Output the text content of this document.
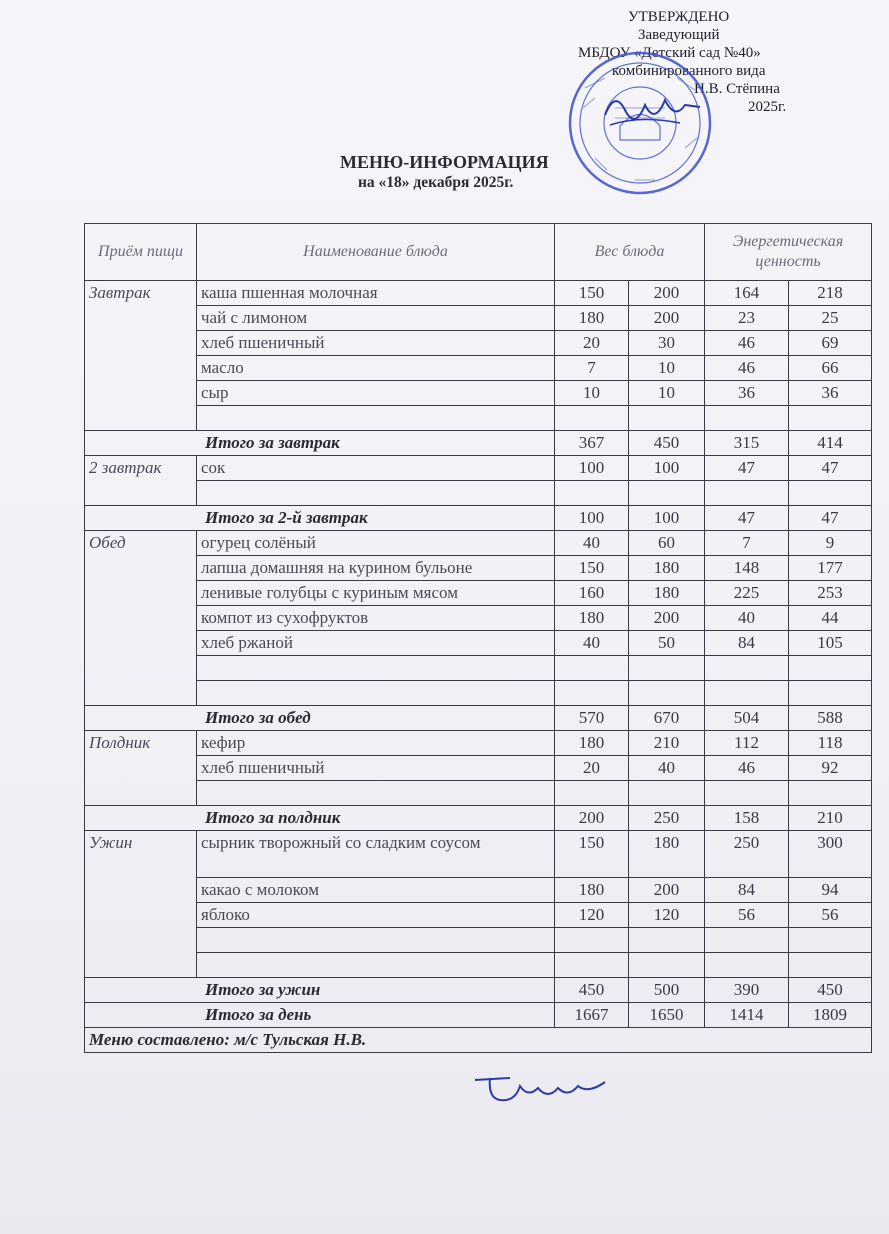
УТВЕРЖДЕНО
Заведующий
МБДОУ «Детский сад №40»
комбинированного вида
Н.В. Стёпина
2025г.
МЕНЮ-ИНФОРМАЦИЯ
на «18» декабря 2025г.
Приём пищи	Наименование блюда	Вес блюда		Энергетическая ценность	
Завтрак	каша пшенная молочная	150	200	164	218
	чай с лимоном	180	200	23	25
	хлеб пшеничный	20	30	46	69
	масло	7	10	46	66
	сыр	10	10	36	36

Итого за завтрак		367	450	315	414
2 завтрак	сок	100	100	47	47

Итого за 2-й завтрак		100	100	47	47
Обед	огурец солёный	40	60	7	9
	лапша домашняя на курином бульоне	150	180	148	177
	ленивые голубцы с куриным мясом	160	180	225	253
	компот из сухофруктов	180	200	40	44
	хлеб ржаной	40	50	84	105

Итого за обед		570	670	504	588
Полдник	кефир	180	210	112	118
	хлеб пшеничный	20	40	46	92

Итого за полдник		200	250	158	210
Ужин	сырник творожный со сладким соусом	150	180	250	300
	какао с молоком	180	200	84	94
	яблоко	120	120	56	56

Итого за ужин		450	500	390	450
Итого за день		1667	1650	1414	1809
Меню составлено: м/с Тульская Н.В.					
